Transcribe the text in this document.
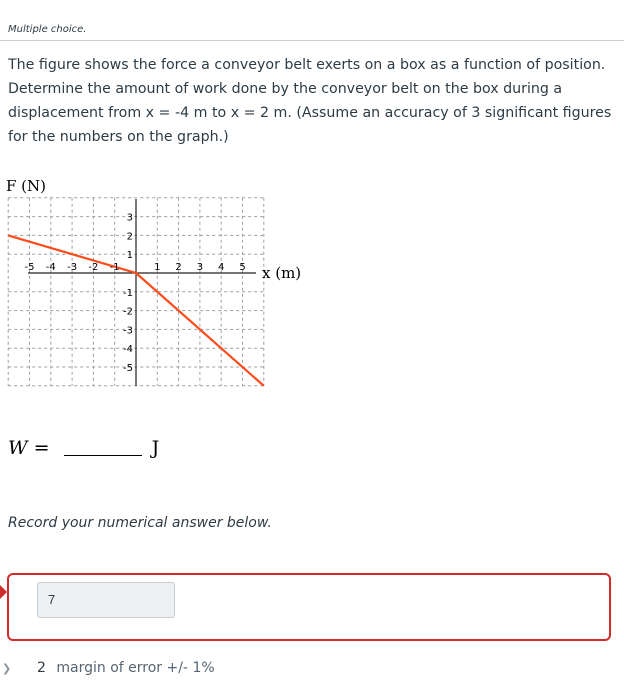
Multiple choice.
The figure shows the force a conveyor belt exerts on a box as a function of position. Determine the amount of work done by the conveyor belt on the box during a displacement from x = -4 m to x = 2 m. (Assume an accuracy of 3 significant figures for the numbers on the graph.)
F (N)
-5 -4 -3 -2 -1	1 2 3 4 5
3
2
1
-1
-2
-3
-4
-5
x (m)
W =	J
Record your numerical answer below.
7
❯ 2 margin of error +/- 1%
